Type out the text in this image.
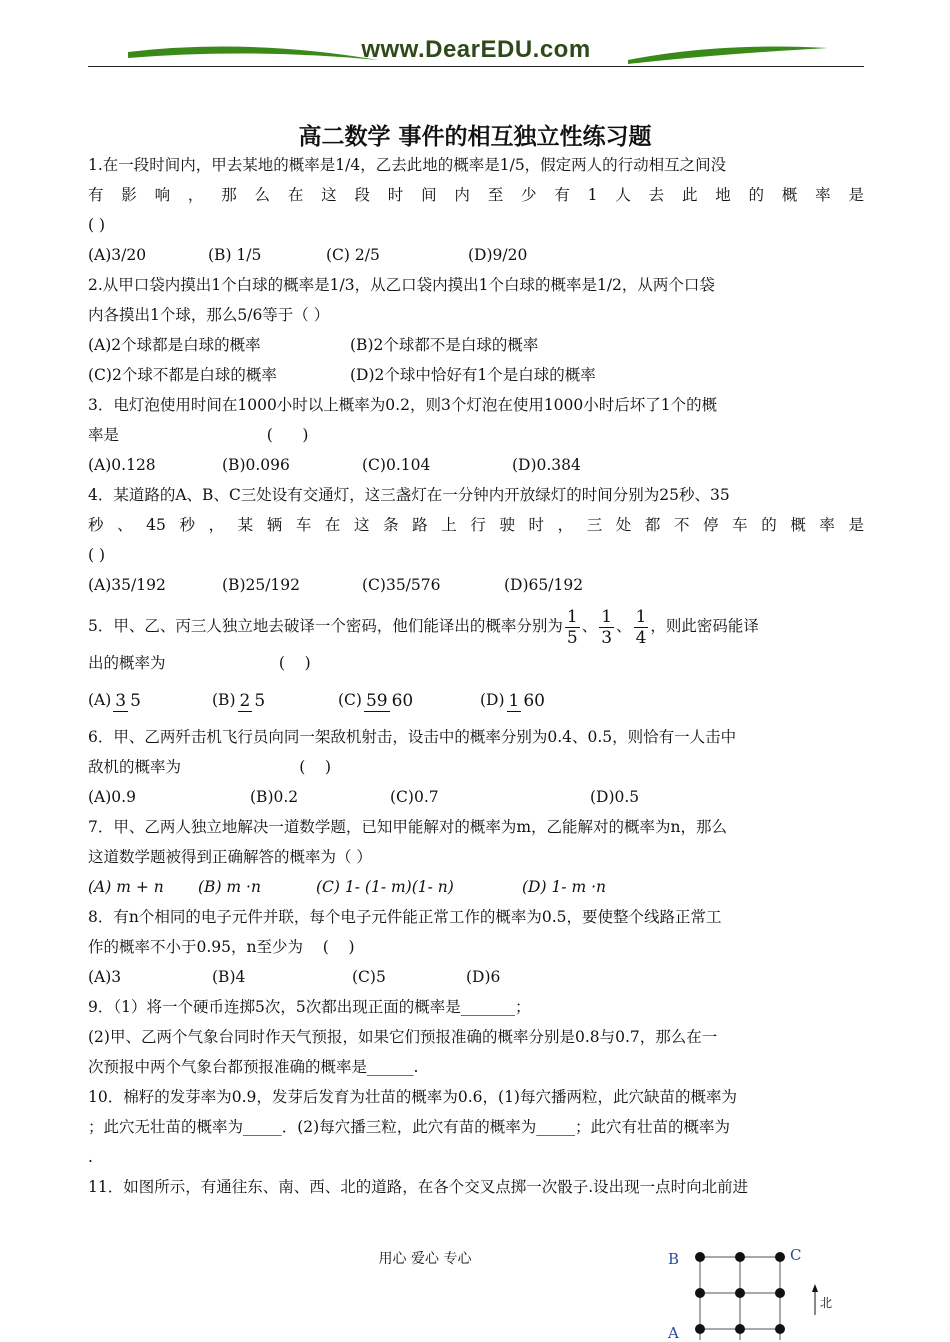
www.DearEDU.com
高二数学 事件的相互独立性练习题

1.在一段时间内，甲去某地的概率是1/4，乙去此地的概率是1/5，假定两人的行动相互之间没

有影响，那么在这段时间内至少有1人去此地的概率是

( )

(A)3/20	(B) 1/5	(C) 2/5	(D)9/20

2.从甲口袋内摸出1个白球的概率是1/3，从乙口袋内摸出1个白球的概率是1/2，从两个口袋

内各摸出1个球，那么5/6等于（ ）

(A)2个球都是白球的概率	(B)2个球都不是白球的概率

(C)2个球不都是白球的概率	(D)2个球中恰好有1个是白球的概率

3．电灯泡使用时间在1000小时以上概率为0.2，则3个灯泡在使用1000小时后坏了1个的概

率是                              (      )

(A)0.128	(B)0.096	(C)0.104	(D)0.384

4．某道路的A、B、C三处设有交通灯，这三盏灯在一分钟内开放绿灯的时间分别为25秒、35

秒、45秒，某辆车在这条路上行驶时，三处都不停车的概率是

( )

(A)35/192	(B)25/192	(C)35/576	(D)65/192

5．甲、乙、丙三人独立地去破译一个密码，他们能译出的概率分别为 $\frac{1}{5}$ 、 $\frac{1}{3}$ 、 $\frac{1}{4}$ ，则此密码能译

出的概率为                       (    )

(A) 3 5	(B) 2 5	(C) 59 60	(D) 1 60

6．甲、乙两歼击机飞行员向同一架敌机射击，设击中的概率分别为0.4、0.5，则恰有一人击中

敌机的概率为                        (    )

(A)0.9	(B)0.2	(C)0.7	(D)0.5

7．甲、乙两人独立地解决一道数学题，已知甲能解对的概率为m，乙能解对的概率为n，那么

这道数学题被得到正确解答的概率为（ ）

(A) m + n	(B) m ·n	(C) 1- (1- m)(1- n)	(D) 1- m ·n

8．有n个相同的电子元件并联，每个电子元件能正常工作的概率为0.5，要使整个线路正常工

作的概率不小于0.95，n至少为    (    )

(A)3	(B)4	(C)5	(D)6

9．（1）将一个硬币连掷5次，5次都出现正面的概率是_______；

(2)甲、乙两个气象台同时作天气预报，如果它们预报准确的概率分别是0.8与0.7，那么在一

次预报中两个气象台都预报准确的概率是______.

10．棉籽的发芽率为0.9，发芽后发育为壮苗的概率为0.6，(1)每穴播两粒，此穴缺苗的概率为

；此穴无壮苗的概率为_____．(2)每穴播三粒，此穴有苗的概率为_____；此穴有壮苗的概率为

.

11．如图所示，有通往东、南、西、北的道路，在各个交叉点掷一次骰子.设出现一点时向北前进

用心 爱心 专心	B	C
A
北
